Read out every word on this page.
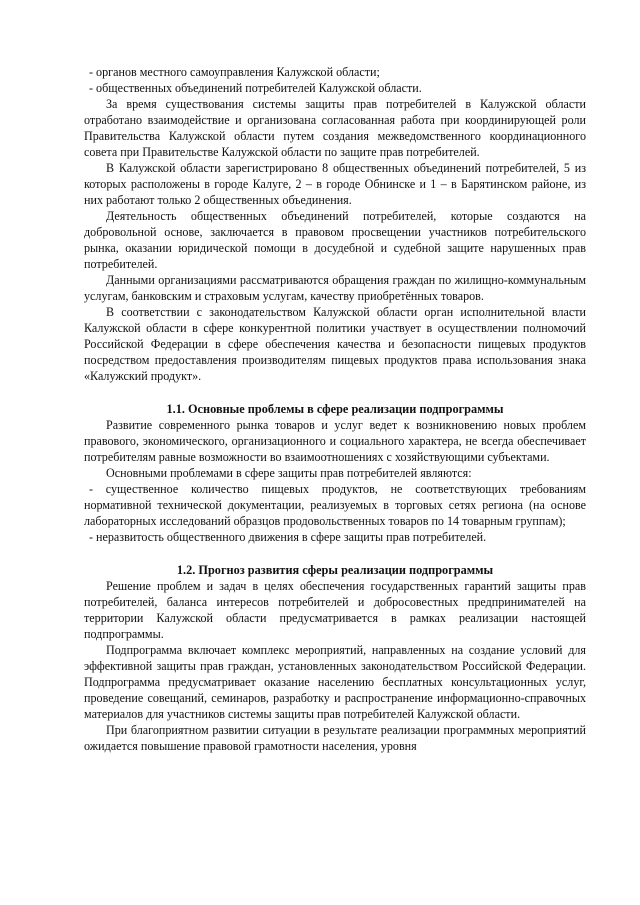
- органов местного самоуправления Калужской области;

- общественных объединений потребителей Калужской области.

За время существования системы защиты прав потребителей в Калужской области отработано взаимодействие и организована согласованная работа при координирующей роли Правительства Калужской области путем создания межведомственного координационного совета при Правительстве Калужской области по защите прав потребителей.

В Калужской области зарегистрировано 8 общественных объединений потребителей, 5 из которых расположены в городе Калуге, 2 – в городе Обнинске и 1 – в Барятинском районе, из них работают только 2 общественных объединения.

Деятельность общественных объединений потребителей, которые создаются на добровольной основе, заключается в правовом просвещении участников потребительского рынка, оказании юридической помощи в досудебной и судебной защите нарушенных прав потребителей.

Данными организациями рассматриваются обращения граждан по жилищно-коммунальным услугам, банковским и страховым услугам, качеству приобретённых товаров.

В соответствии с законодательством Калужской области орган исполнительной власти Калужской области в сфере конкурентной политики участвует в осуществлении полномочий Российской Федерации в сфере обеспечения качества и безопасности пищевых продуктов посредством предоставления производителям пищевых продуктов права использования знака «Калужский продукт».

1.1. Основные проблемы в сфере реализации подпрограммы

Развитие современного рынка товаров и услуг ведет к возникновению новых проблем правового, экономического, организационного и социального характера, не всегда обеспечивает потребителям равные возможности во взаимоотношениях с хозяйствующими субъектами.

Основными проблемами в сфере защиты прав потребителей являются:

- существенное количество пищевых продуктов, не соответствующих требованиям нормативной технической документации, реализуемых в торговых сетях региона (на основе лабораторных исследований образцов продовольственных товаров по 14 товарным группам);

- неразвитость общественного движения в сфере защиты прав потребителей.

1.2. Прогноз развития сферы реализации подпрограммы

Решение проблем и задач в целях обеспечения государственных гарантий защиты прав потребителей, баланса интересов потребителей и добросовестных предпринимателей на территории Калужской области предусматривается в рамках реализации настоящей подпрограммы.

Подпрограмма включает комплекс мероприятий, направленных на создание условий для эффективной защиты прав граждан, установленных законодательством Российской Федерации. Подпрограмма предусматривает оказание населению бесплатных консультационных услуг, проведение совещаний, семинаров, разработку и распространение информационно-справочных материалов для участников системы защиты прав потребителей Калужской области.

При благоприятном развитии ситуации в результате реализации программных мероприятий ожидается повышение правовой грамотности населения, уровня
